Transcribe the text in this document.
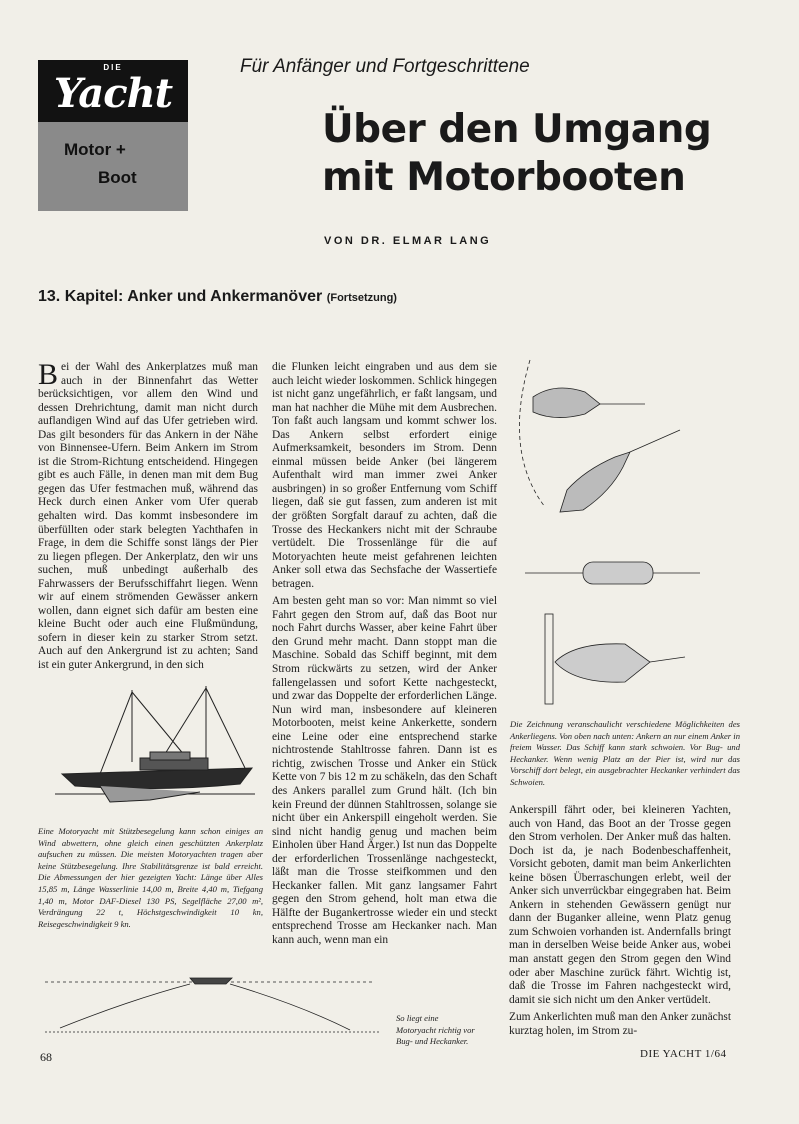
DIE
Yacht
Motor +
Boot
Für Anfänger und Fortgeschrittene
Über den Umgang
mit Motorbooten
VON DR. ELMAR LANG
13. Kapitel: Anker und Ankermanöver (Fortsetzung)

Bei der Wahl des Ankerplatzes muß man auch in der Binnenfahrt das Wetter berücksichtigen, vor allem den Wind und dessen Drehrichtung, damit man nicht durch auflandigen Wind auf das Ufer getrieben wird. Das gilt besonders für das Ankern in der Nähe von Binnensee-Ufern. Beim Ankern im Strom ist die Strom-Richtung entscheidend. Hingegen gibt es auch Fälle, in denen man mit dem Bug gegen das Ufer festmachen muß, während das Heck durch einen Anker vom Ufer querab gehalten wird. Das kommt insbesondere im überfüllten oder stark belegten Yachthafen in Frage, in dem die Schiffe sonst längs der Pier zu liegen pflegen. Der Ankerplatz, den wir uns suchen, muß unbedingt außerhalb des Fahrwassers der Berufsschiffahrt liegen. Wenn wir auf einem strömenden Gewässer ankern wollen, dann eignet sich dafür am besten eine kleine Bucht oder auch eine Flußmündung, sofern in dieser kein zu starker Strom setzt. Auch auf den Ankergrund ist zu achten; Sand ist ein guter Ankergrund, in den sich

die Flunken leicht eingraben und aus dem sie auch leicht wieder loskommen. Schlick hingegen ist nicht ganz ungefährlich, er faßt langsam, und man hat nachher die Mühe mit dem Ausbrechen. Ton faßt auch langsam und kommt schwer los. Das Ankern selbst erfordert einige Aufmerksamkeit, besonders im Strom. Denn einmal müssen beide Anker (bei längerem Aufenthalt wird man immer zwei Anker ausbringen) in so großer Entfernung vom Schiff liegen, daß sie gut fassen, zum anderen ist mit der größten Sorgfalt darauf zu achten, daß die Trosse des Heckankers nicht mit der Schraube vertüdelt. Die Trossenlänge für die auf Motoryachten heute meist gefahrenen leichten Anker soll etwa das Sechsfache der Wassertiefe betragen.

Am besten geht man so vor: Man nimmt so viel Fahrt gegen den Strom auf, daß das Boot nur noch Fahrt durchs Wasser, aber keine Fahrt über den Grund mehr macht. Dann stoppt man die Maschine. Sobald das Schiff beginnt, mit dem Strom rückwärts zu setzen, wird der Anker fallengelassen und sofort Kette nachgesteckt, und zwar das Doppelte der erforderlichen Länge. Nun wird man, insbesondere auf kleineren Motorbooten, meist keine Ankerkette, sondern eine Leine oder eine entsprechend starke nichtrostende Stahltrosse fahren. Dann ist es richtig, zwischen Trosse und Anker ein Stück Kette von 7 bis 12 m zu schäkeln, das den Schaft des Ankers parallel zum Grund hält. (Ich bin kein Freund der dünnen Stahltrossen, solange sie nicht über ein Ankerspill eingeholt werden. Sie sind nicht handig genug und machen beim Einholen über Hand Ärger.) Ist nun das Doppelte der erforderlichen Trossenlänge nachgesteckt, läßt man die Trosse steifkommen und den Heckanker fallen. Mit ganz langsamer Fahrt gegen den Strom gehend, holt man etwa die Hälfte der Bugankertrosse wieder ein und steckt entsprechend Trosse am Heckanker nach. Man kann auch, wenn man ein

Ankerspill fährt oder, bei kleineren Yachten, auch von Hand, das Boot an der Trosse gegen den Strom verholen. Der Anker muß das halten. Doch ist da, je nach Bodenbeschaffenheit, Vorsicht geboten, damit man beim Ankerlichten keine bösen Überraschungen erlebt, weil der Anker sich unverrückbar eingegraben hat. Beim Ankern in stehenden Gewässern genügt nur dann der Buganker alleine, wenn Platz genug zum Schwoien vorhanden ist. Andernfalls bringt man in derselben Weise beide Anker aus, wobei man anstatt gegen den Strom gegen den Wind oder aber Maschine zurück fährt. Wichtig ist, daß die Trosse im Fahren nachgesteckt wird, damit sie sich nicht um den Anker vertüdelt.

Zum Ankerlichten muß man den Anker zunächst kurztag holen, im Strom zu-

Eine Motoryacht mit Stützbesegelung kann schon einiges an Wind abwettern, ohne gleich einen geschützten Ankerplatz aufsuchen zu müssen. Die meisten Motoryachten tragen aber keine Stützbesegelung. Ihre Stabilitätsgrenze ist bald erreicht. Die Abmessungen der hier gezeigten Yacht: Länge über Alles 15,85 m, Länge Wasserlinie 14,00 m, Breite 4,40 m, Tiefgang 1,40 m, Motor DAF-Diesel 130 PS, Segelfläche 27,00 m², Verdrängung 22 t, Höchstgeschwindigkeit 10 kn, Reisegeschwindigkeit 9 kn.
Die Zeichnung veranschaulicht verschiedene Möglichkeiten des Ankerliegens. Von oben nach unten: Ankern an nur einem Anker in freiem Wasser. Das Schiff kann stark schwoien. Vor Bug- und Heckanker. Wenn wenig Platz an der Pier ist, wird nur das Vorschiff dort belegt, ein ausgebrachter Heckanker verhindert das Schwoien.
So liegt eine Motoryacht richtig vor Bug- und Heckanker.
68	DIE YACHT 1/64
